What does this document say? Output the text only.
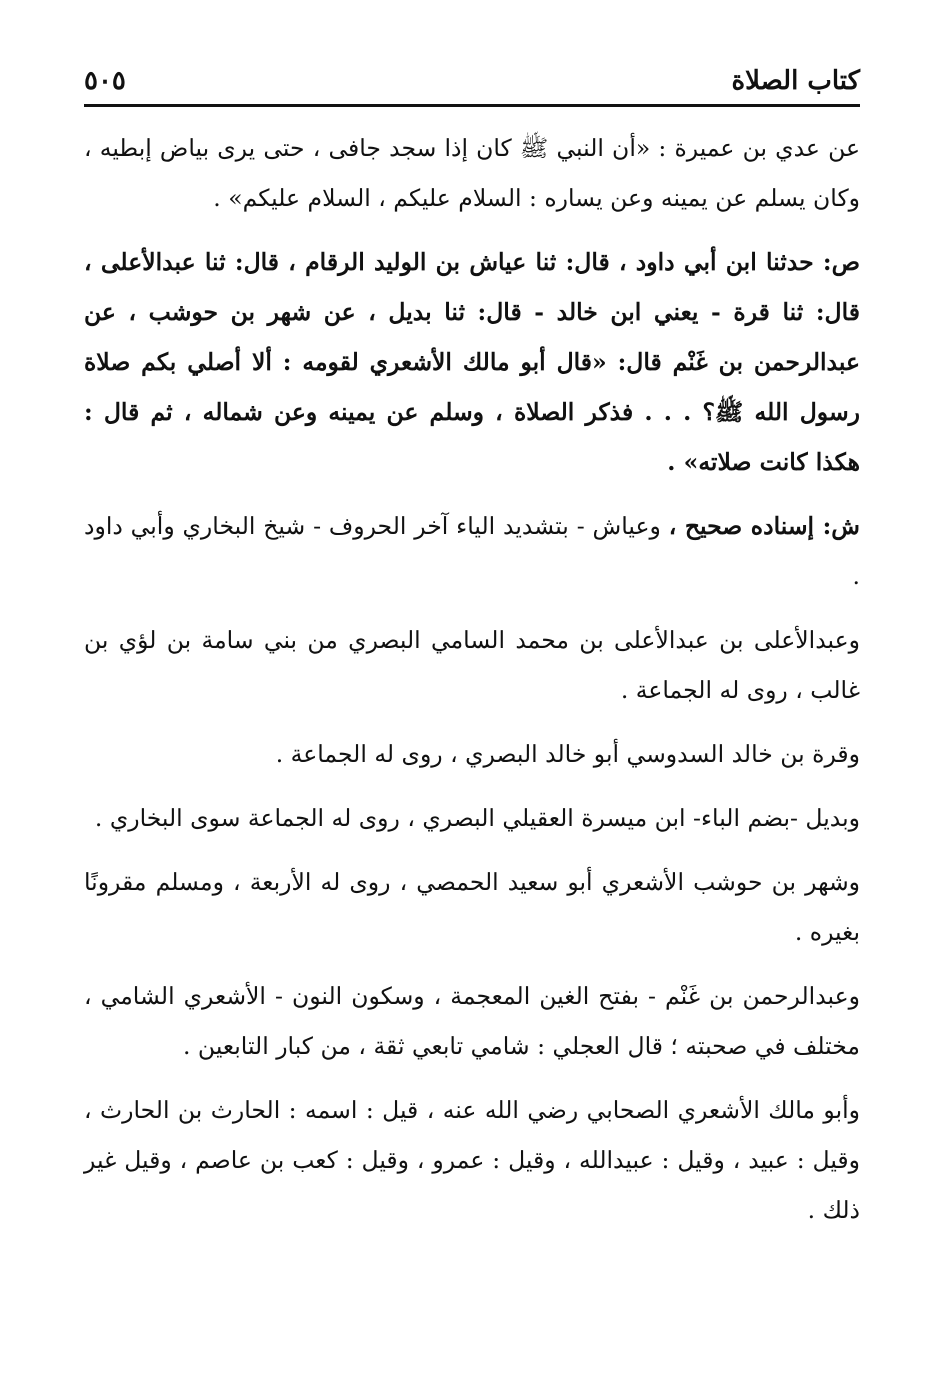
كتاب الصلاة
٥٠٥

عن عدي بن عميرة : «أن النبي ﷺ كان إذا سجد جافى ، حتى يرى بياض إبطيه ، وكان يسلم عن يمينه وعن يساره : السلام عليكم ، السلام عليكم» .

ص: حدثنا ابن أبي داود ، قال: ثنا عياش بن الوليد الرقام ، قال: ثنا عبدالأعلى ، قال: ثنا قرة - يعني ابن خالد - قال: ثنا بديل ، عن شهر بن حوشب ، عن عبدالرحمن بن غَنْم قال: «قال أبو مالك الأشعري لقومه : ألا أصلي بكم صلاة رسول الله ﷺ؟ . . . فذكر الصلاة ، وسلم عن يمينه وعن شماله ، ثم قال : هكذا كانت صلاته» .

ش: إسناده صحيح ، وعياش - بتشديد الياء آخر الحروف - شيخ البخاري وأبي داود .

وعبدالأعلى بن عبدالأعلى بن محمد السامي البصري من بني سامة بن لؤي بن غالب ، روى له الجماعة .

وقرة بن خالد السدوسي أبو خالد البصري ، روى له الجماعة .

وبديل -بضم الباء- ابن ميسرة العقيلي البصري ، روى له الجماعة سوى البخاري .

وشهر بن حوشب الأشعري أبو سعيد الحمصي ، روى له الأربعة ، ومسلم مقرونًا بغيره .

وعبدالرحمن بن غَنْم - بفتح الغين المعجمة ، وسكون النون - الأشعري الشامي ، مختلف في صحبته ؛ قال العجلي : شامي تابعي ثقة ، من كبار التابعين .

وأبو مالك الأشعري الصحابي رضي الله عنه ، قيل : اسمه : الحارث بن الحارث ، وقيل : عبيد ، وقيل : عبيدالله ، وقيل : عمرو ، وقيل : كعب بن عاصم ، وقيل غير ذلك .
